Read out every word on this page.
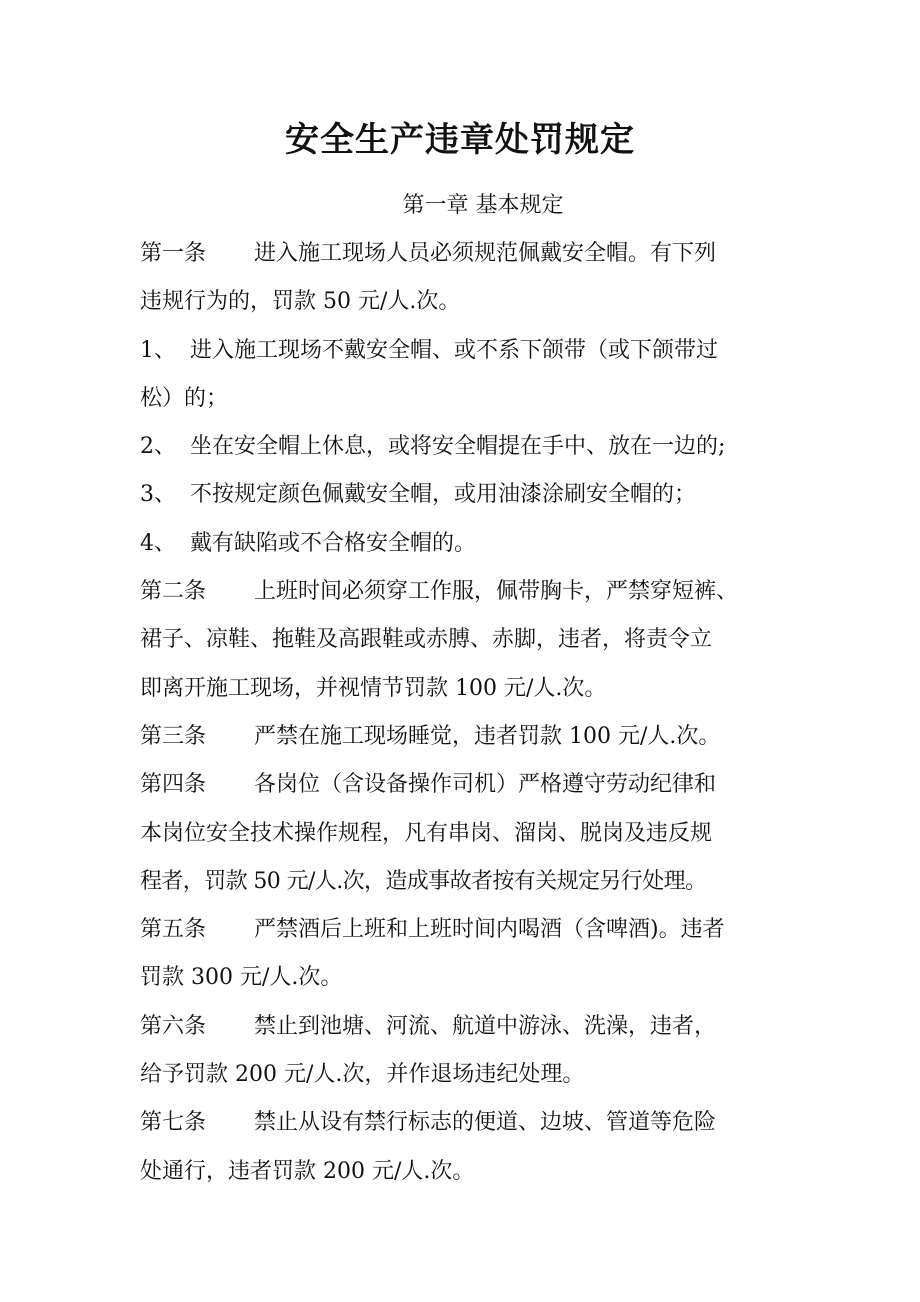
安全生产违章处罚规定
第一章 基本规定
第一条 进入施工现场人员必须规范佩戴安全帽。有下列
违规行为的，罚款 50 元/人.次。
1、 进入施工现场不戴安全帽、或不系下颌带（或下颌带过
松）的；
2、 坐在安全帽上休息，或将安全帽提在手中、放在一边的;
3、 不按规定颜色佩戴安全帽，或用油漆涂刷安全帽的；
4、 戴有缺陷或不合格安全帽的。
第二条 上班时间必须穿工作服，佩带胸卡，严禁穿短裤、
裙子、凉鞋、拖鞋及高跟鞋或赤膊、赤脚，违者，将责令立
即离开施工现场，并视情节罚款 100 元/人.次。
第三条 严禁在施工现场睡觉，违者罚款 100 元/人.次。
第四条 各岗位（含设备操作司机）严格遵守劳动纪律和
本岗位安全技术操作规程，凡有串岗、溜岗、脱岗及违反规
程者，罚款 50 元/人.次，造成事故者按有关规定另行处理。
第五条 严禁酒后上班和上班时间内喝酒（含啤酒)。违者
罚款 300 元/人.次。
第六条 禁止到池塘、河流、航道中游泳、洗澡，违者，
给予罚款 200 元/人.次，并作退场违纪处理。
第七条 禁止从设有禁行标志的便道、边坡、管道等危险
处通行，违者罚款 200 元/人.次。
